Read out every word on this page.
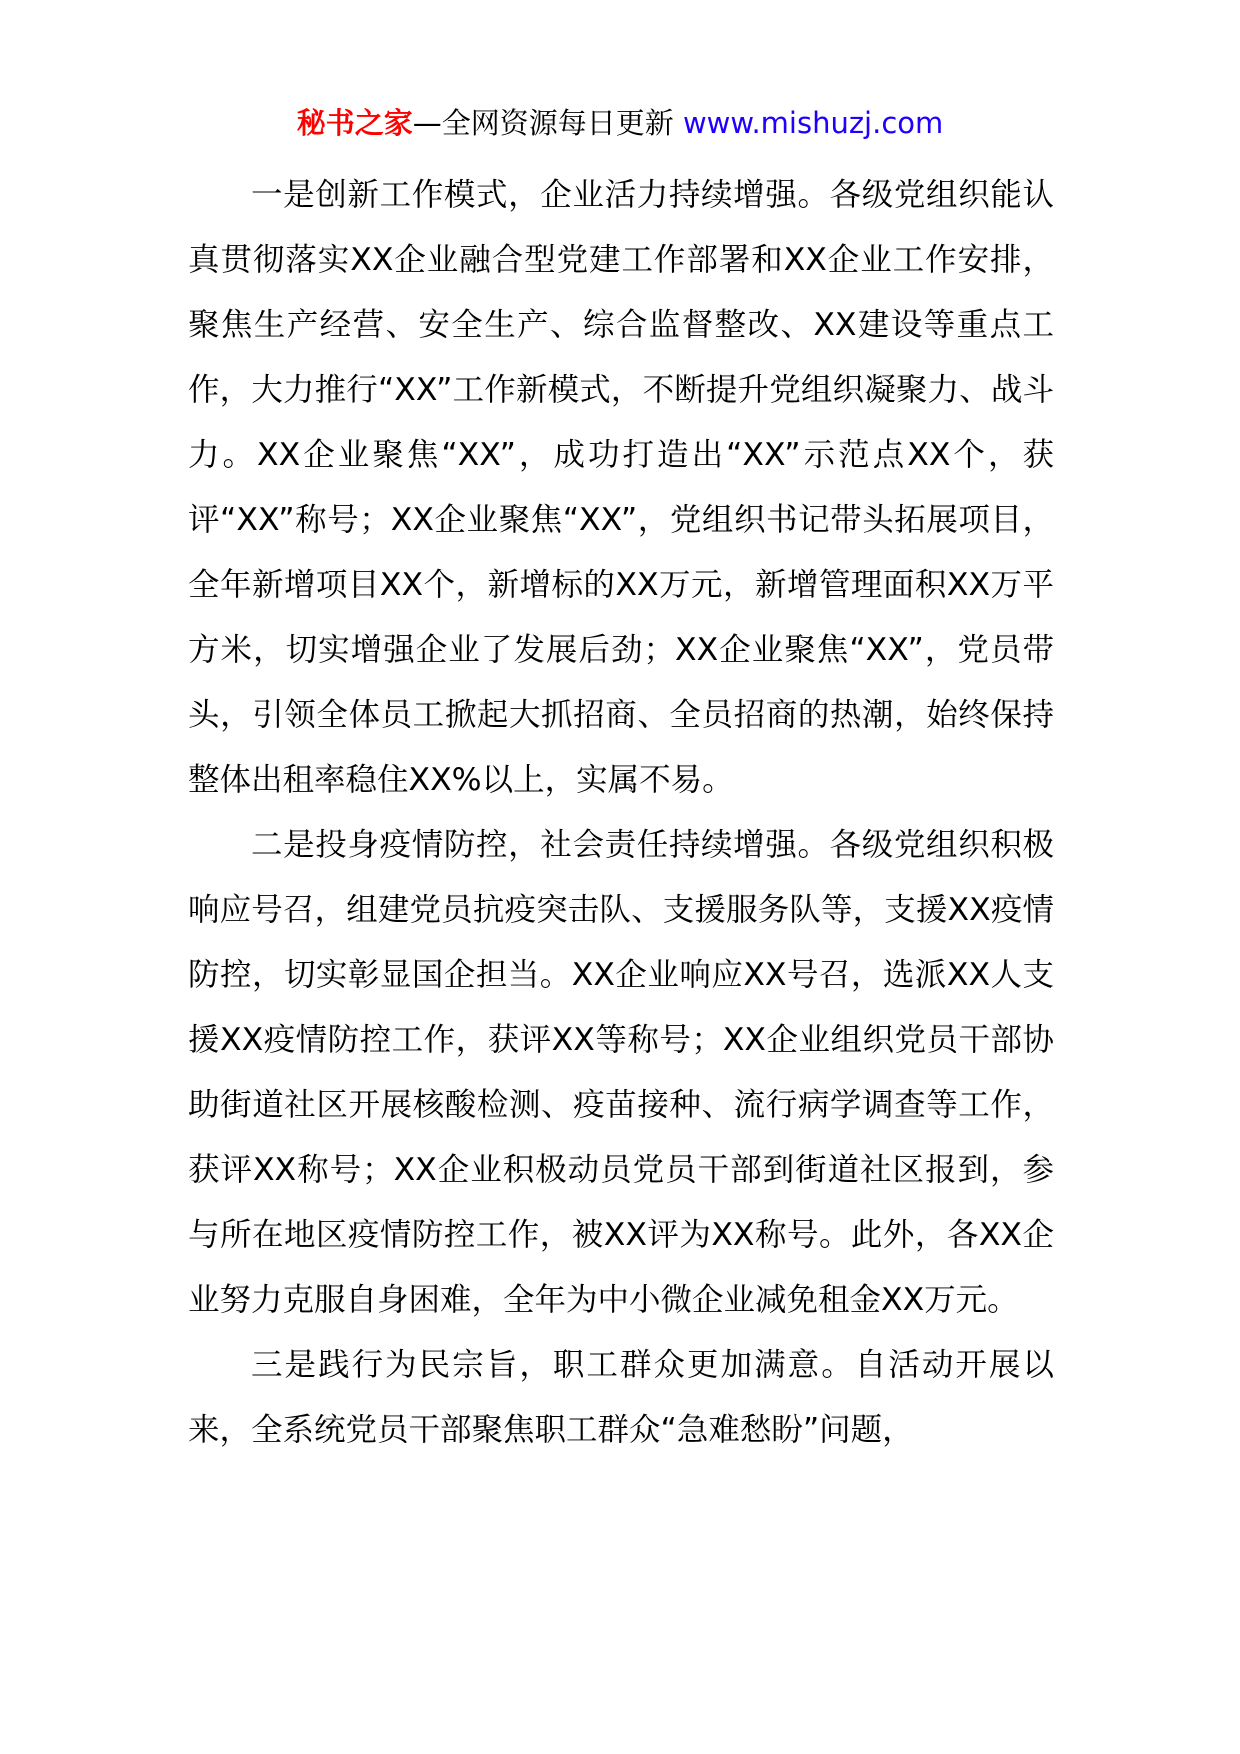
秘书之家—全网资源每日更新 www.mishuzj.com

一是创新工作模式，企业活力持续增强。各级党组织能认真贯彻落实XX企业融合型党建工作部署和XX企业工作安排，聚焦生产经营、安全生产、综合监督整改、XX建设等重点工作，大力推行“XX”工作新模式，不断提升党组织凝聚力、战斗力。XX企业聚焦“XX”，成功打造出“XX”示范点XX个，获评“XX”称号；XX企业聚焦“XX”，党组织书记带头拓展项目，全年新增项目XX个，新增标的XX万元，新增管理面积XX万平方米，切实增强企业了发展后劲；XX企业聚焦“XX”，党员带头，引领全体员工掀起大抓招商、全员招商的热潮，始终保持整体出租率稳住XX%以上，实属不易。

二是投身疫情防控，社会责任持续增强。各级党组织积极响应号召，组建党员抗疫突击队、支援服务队等，支援XX疫情防控，切实彰显国企担当。XX企业响应XX号召，选派XX人支援XX疫情防控工作，获评XX等称号；XX企业组织党员干部协助街道社区开展核酸检测、疫苗接种、流行病学调查等工作，获评XX称号；XX企业积极动员党员干部到街道社区报到，参与所在地区疫情防控工作，被XX评为XX称号。此外，各XX企业努力克服自身困难，全年为中小微企业减免租金XX万元。

三是践行为民宗旨，职工群众更加满意。自活动开展以来，全系统党员干部聚焦职工群众“急难愁盼”问题，
